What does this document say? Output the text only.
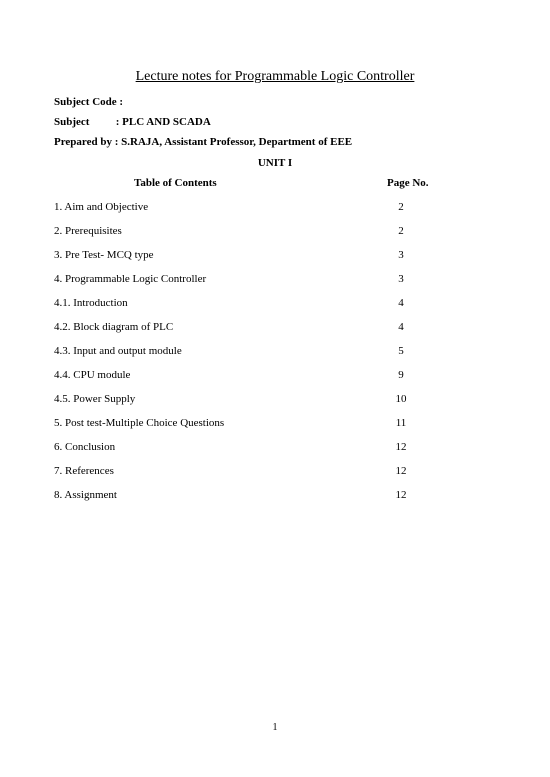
Lecture notes for Programmable Logic Controller
Subject Code :
Subject : PLC AND SCADA
Prepared by : S.RAJA, Assistant Professor, Department of EEE
UNIT I
Table of Contents	Page No.
1. Aim and Objective	2
2. Prerequisites	2
3. Pre Test- MCQ type	3
4. Programmable Logic Controller	3
4.1. Introduction	4
4.2. Block diagram of PLC	4
4.3. Input and output module	5
4.4. CPU module	9
4.5. Power Supply	10
5. Post test-Multiple Choice Questions	11
6. Conclusion	12
7. References	12
8. Assignment	12
1
